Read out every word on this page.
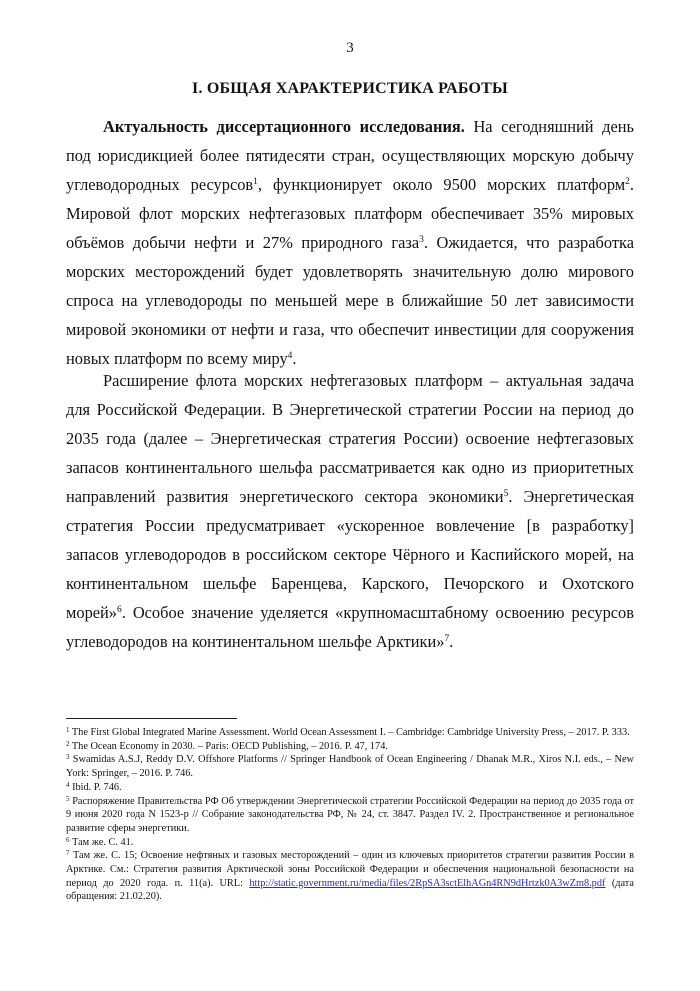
3
I. ОБЩАЯ ХАРАКТЕРИСТИКА РАБОТЫ

Актуальность диссертационного исследования. На сегодняшний день под юрисдикцией более пятидесяти стран, осуществляющих морскую добычу углеводородных ресурсов$^1$, функционирует около 9500 морских платформ$^2$. Мировой флот морских нефтегазовых платформ обеспечивает 35% мировых объёмов добычи нефти и 27% природного газа$^3$. Ожидается, что разработка морских месторождений будет удовлетворять значительную долю мирового спроса на углеводороды по меньшей мере в ближайшие 50 лет зависимости мировой экономики от нефти и газа, что обеспечит инвестиции для сооружения новых платформ по всему миру$^4$.

Расширение флота морских нефтегазовых платформ – актуальная задача для Российской Федерации. В Энергетической стратегии России на период до 2035 года (далее – Энергетическая стратегия России) освоение нефтегазовых запасов континентального шельфа рассматривается как одно из приоритетных направлений развития энергетического сектора экономики$^5$. Энергетическая стратегия России предусматривает «ускоренное вовлечение [в разработку] запасов углеводородов в российском секторе Чёрного и Каспийского морей, на континентальном шельфе Баренцева, Карского, Печорского и Охотского морей»$^6$. Особое значение уделяется «крупномасштабному освоению ресурсов углеводородов на континентальном шельфе Арктики»$^7$.

$^1$ The First Global Integrated Marine Assessment. World Ocean Assessment I. – Cambridge: Cambridge University Press, – 2017. P. 333.

$^2$ The Ocean Economy in 2030. – Paris: OECD Publishing, – 2016. P. 47, 174.

$^3$ Swamidas A.S.J, Reddy D.V. Offshore Platforms // Springer Handbook of Ocean Engineering / Dhanak M.R., Xiros N.I. eds., – New York: Springer, – 2016. P. 746.

$^4$ Ibid. P. 746.

$^5$ Распоряжение Правительства РФ Об утверждении Энергетической стратегии Российской Федерации на период до 2035 года от 9 июня 2020 года N 1523-р // Собрание законодательства РФ, № 24, ст. 3847. Раздел IV. 2. Пространственное и региональное развитие сферы энергетики.

$^6$ Там же. С. 41.

$^7$ Там же. С. 15; Освоение нефтяных и газовых месторождений – один из ключевых приоритетов стратегии развития России в Арктике. См.: Стратегия развития Арктической зоны Российской Федерации и обеспечения национальной безопасности на период до 2020 года. п. 11(а). URL: http://static.government.ru/media/files/2RpSA3sctElhAGn4RN9dHrtzk0A3wZm8.pdf (дата обращения: 21.02.20).
